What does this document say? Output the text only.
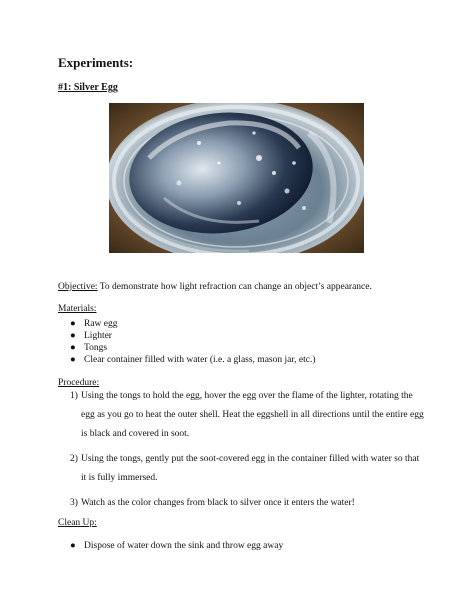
Experiments:
#1: Silver Egg
Objective: To demonstrate how light refraction can change an object’s appearance.
Materials:
● Raw egg
● Lighter
● Tongs
● Clear container filled with water (i.e. a glass, mason jar, etc.)
Procedure:
1) Using the tongs to hold the egg, hover the egg over the flame of the lighter, rotating the egg as you go to heat the outer shell. Heat the eggshell in all directions until the entire egg is black and covered in soot.
2) Using the tongs, gently put the soot-covered egg in the container filled with water so that it is fully immersed.
3) Watch as the color changes from black to silver once it enters the water!
Clean Up:
● Dispose of water down the sink and throw egg away
